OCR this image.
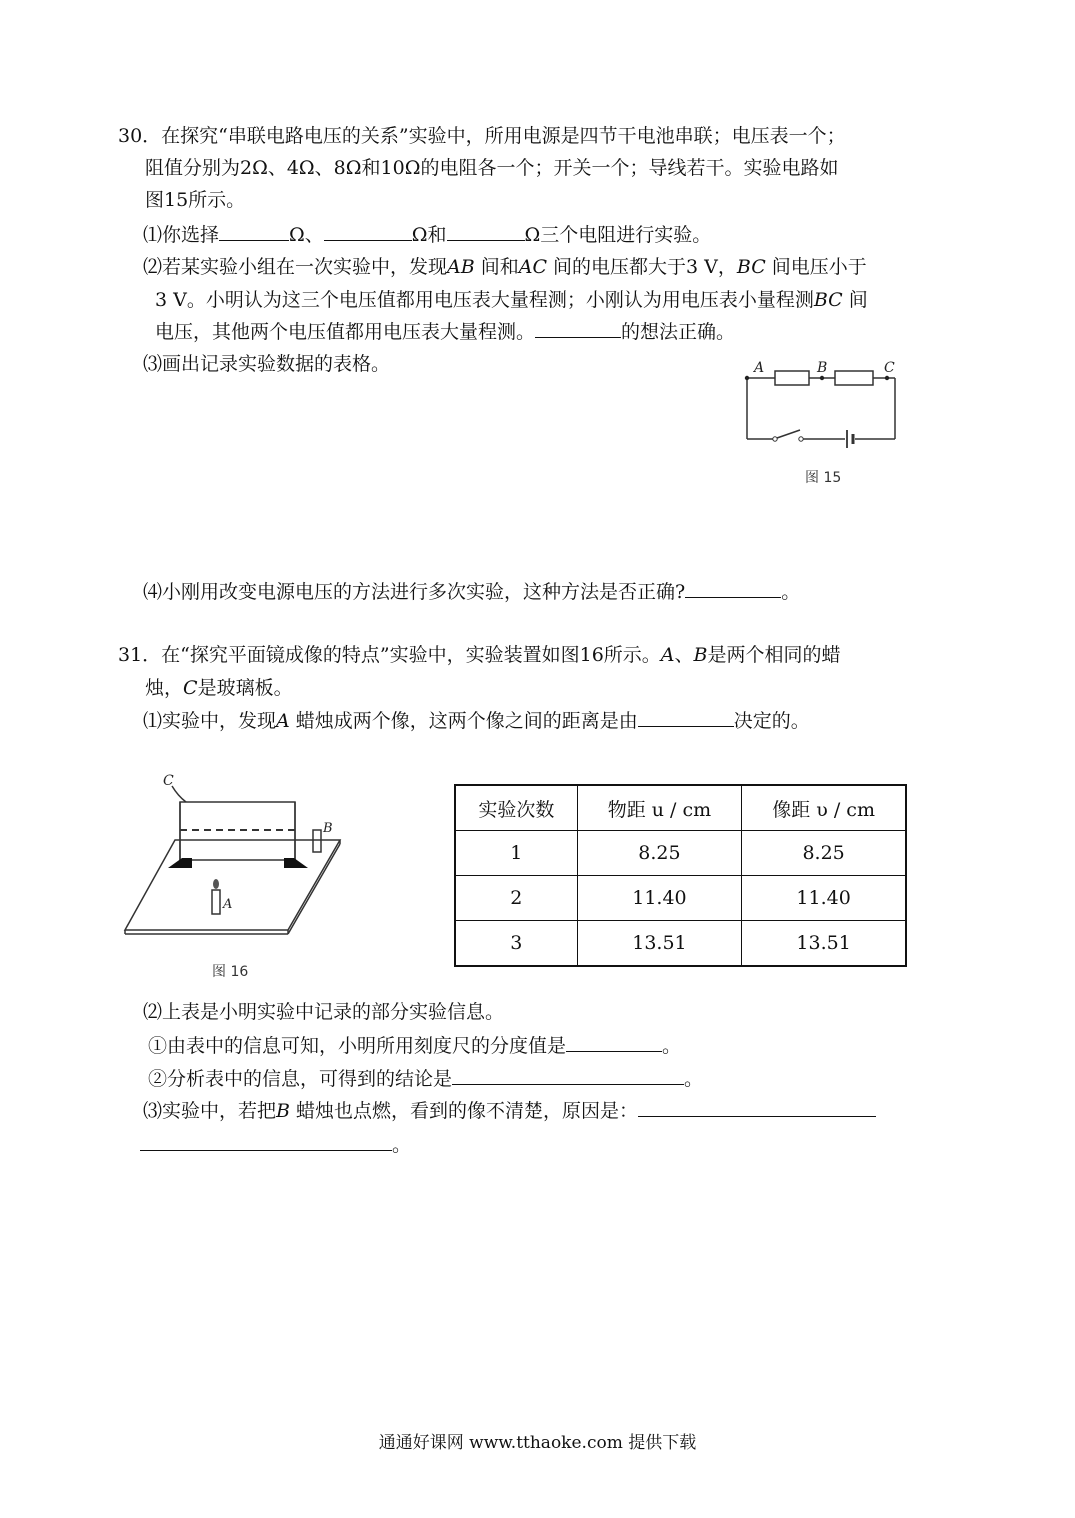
30．在探究“串联电路电压的关系”实验中，所用电源是四节干电池串联；电压表一个；
阻值分别为2Ω、4Ω、8Ω和10Ω的电阻各一个；开关一个；导线若干。实验电路如
图15所示。
⑴你选择	Ω、	Ω和	Ω三个电阻进行实验。
⑵若某实验小组在一次实验中，发现AB 间和AC 间的电压都大于3 V，BC 间电压小于
3 V。小明认为这三个电压值都用电压表大量程测；小刚认为用电压表小量程测BC 间
电压，其他两个电压值都用电压表大量程测。	的想法正确。
⑶画出记录实验数据的表格。	A	B	C
图 15
⑷小刚用改变电源电压的方法进行多次实验，这种方法是否正确?	。
31．在“探究平面镜成像的特点”实验中，实验装置如图16所示。A、B是两个相同的蜡
烛，C是玻璃板。
⑴实验中，发现A 蜡烛成两个像，这两个像之间的距离是由	决定的。
C
B
A
图 16
实验次数	物距 u / cm	像距 υ / cm
1	8.25	8.25
2	11.40	11.40
3	13.51	13.51
⑵上表是小明实验中记录的部分实验信息。
①由表中的信息可知，小明所用刻度尺的分度值是	。
②分析表中的信息，可得到的结论是	。
⑶实验中，若把B 蜡烛也点燃，看到的像不清楚，原因是：
。
通通好课网 www.tthaoke.com 提供下载
